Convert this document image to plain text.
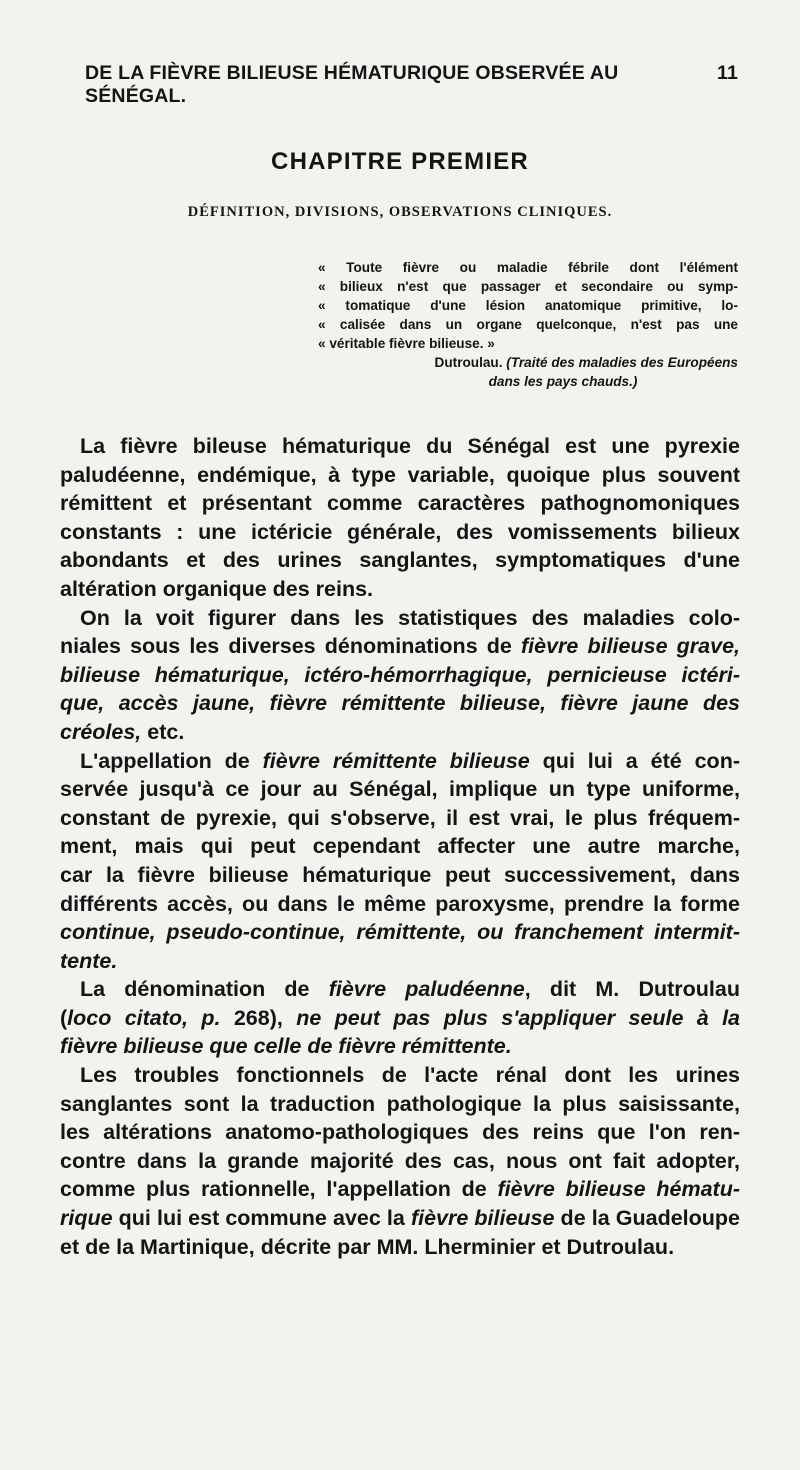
DE LA FIÈVRE BILIEUSE HÉMATURIQUE OBSERVÉE AU SÉNÉGAL.
11
CHAPITRE PREMIER
DÉFINITION, DIVISIONS, OBSERVATIONS CLINIQUES.
« Toute fièvre ou maladie fébrile dont l'élément
« bilieux n'est que passager et secondaire ou symp-
« tomatique d'une lésion anatomique primitive, lo-
« calisée dans un organe quelconque, n'est pas une
« véritable fièvre bilieuse. »
Dutroulau. (Traité des maladies des Européens
dans les pays chauds.)
La fièvre bileuse hématurique du Sénégal est une pyrexie
paludéenne, endémique, à type variable, quoique plus souvent
rémittent et présentant comme caractères pathognomoniques
constants : une ictéricie générale, des vomissements bilieux
abondants et des urines sanglantes, symptomatiques d'une
altération organique des reins.
On la voit figurer dans les statistiques des maladies colo-
niales sous les diverses dénominations de fièvre bilieuse grave,
bilieuse hématurique, ictéro-hémorrhagique, pernicieuse ictéri-
que, accès jaune, fièvre rémittente bilieuse, fièvre jaune des
créoles, etc.
L'appellation de fièvre rémittente bilieuse qui lui a été con-
servée jusqu'à ce jour au Sénégal, implique un type uniforme,
constant de pyrexie, qui s'observe, il est vrai, le plus fréquem-
ment, mais qui peut cependant affecter une autre marche,
car la fièvre bilieuse hématurique peut successivement, dans
différents accès, ou dans le même paroxysme, prendre la forme
continue, pseudo-continue, rémittente, ou franchement intermit-
tente.
La dénomination de fièvre paludéenne, dit M. Dutroulau
(loco citato, p. 268), ne peut pas plus s'appliquer seule à la
fièvre bilieuse que celle de fièvre rémittente.
Les troubles fonctionnels de l'acte rénal dont les urines
sanglantes sont la traduction pathologique la plus saisissante,
les altérations anatomo-pathologiques des reins que l'on ren-
contre dans la grande majorité des cas, nous ont fait adopter,
comme plus rationnelle, l'appellation de fièvre bilieuse hématu-
rique qui lui est commune avec la fièvre bilieuse de la Guadeloupe
et de la Martinique, décrite par MM. Lherminier et Dutroulau.
